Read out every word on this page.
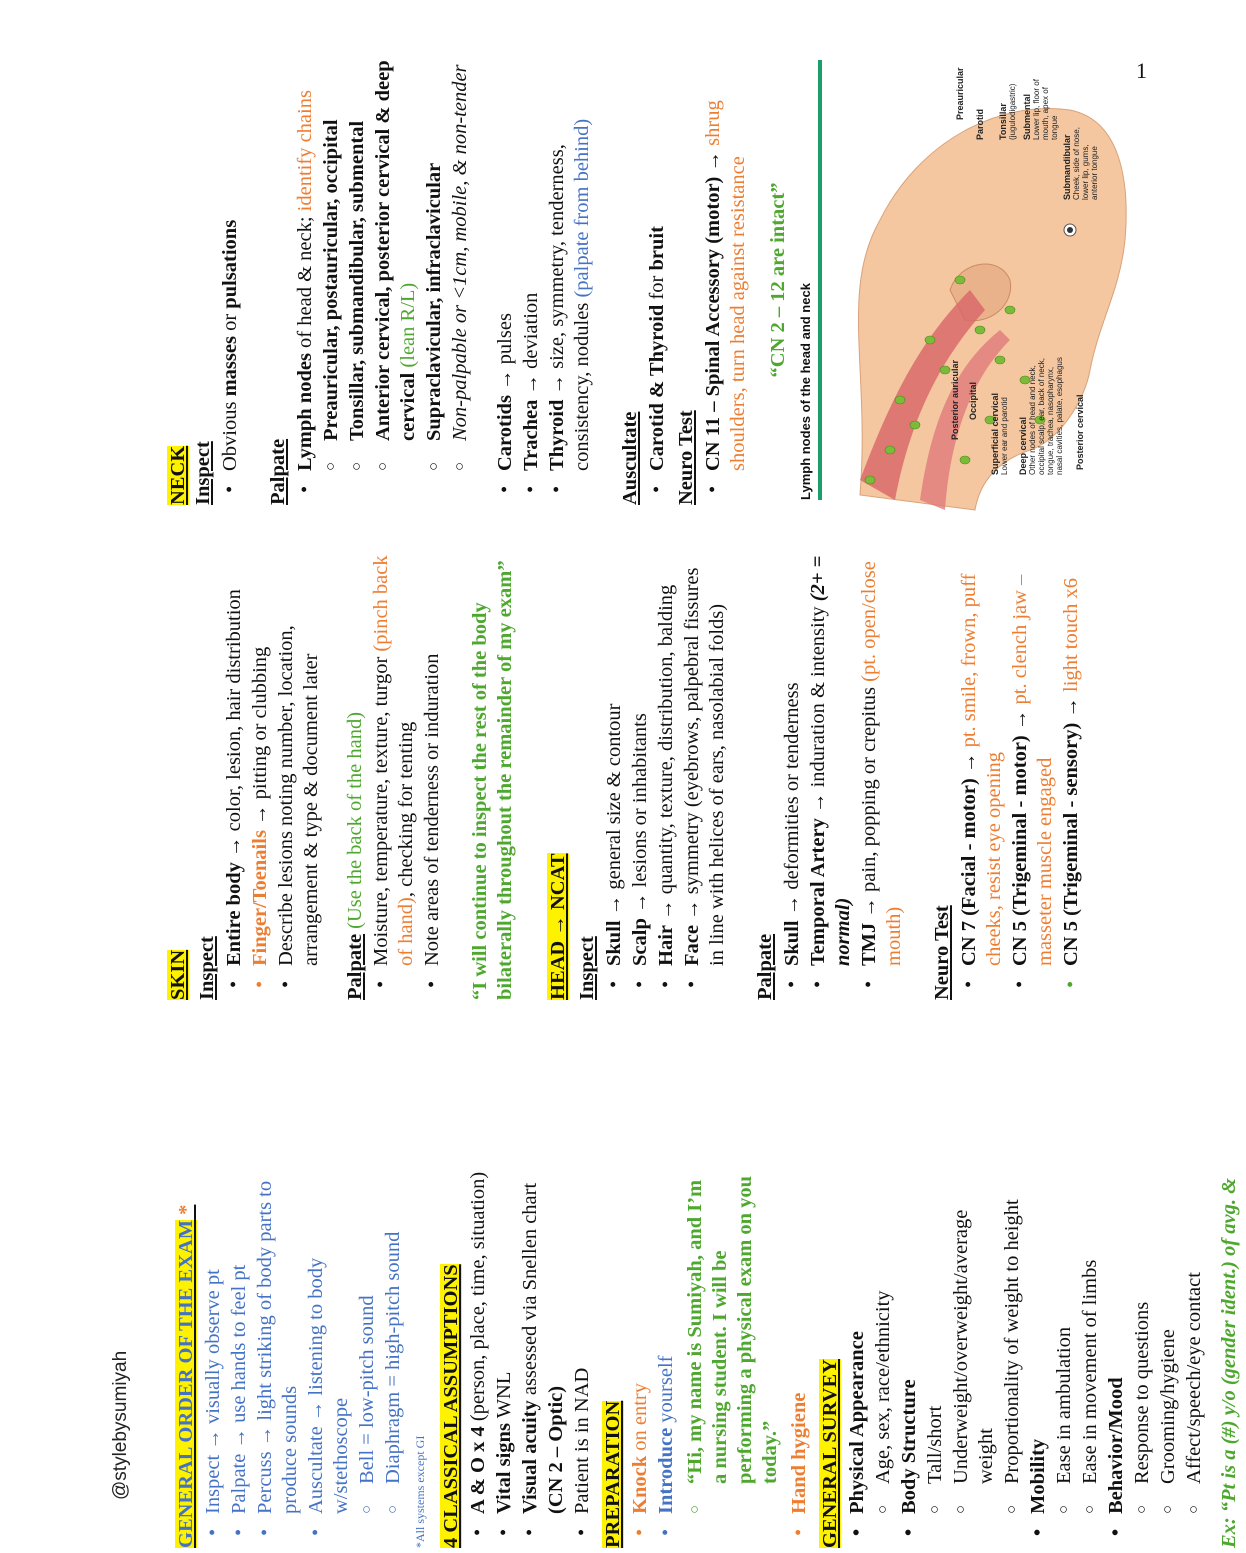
1
@stylebysumiyah GENERAL ORDER OF THE EXAM *
• Inspect → visually observe pt
• Palpate → use hands to feel pt
• Percuss → light striking of body parts to produce sounds • Auscultate → listening to body w/stethoscope ○ Bell = low-pitch sound ○ Diaphragm = high-pitch sound
*All systems except GI 4 CLASSICAL ASSUMPTIONS • A & O x 4 (person, place, time, situation)
• Vital signs WNL
• Visual acuity assessed via Snellen chart
(CN 2 – Optic) • Patient is in NAD PREPARATION • Knock on entry
• Introduce yourself ○ “Hi, my name is Sumiyah, and I’m a nursing student. I will be performing a physical exam on you today.” • Hand hygiene GENERAL SURVEY • Physical Appearance ○ Age, sex, race/ethnicity • Body Structure ○ Tall/short ○ Underweight/overweight/average weight ○ Proportionality of weight to height • Mobility ○ Ease in ambulation ○ Ease in movement of limbs • Behavior/Mood ○ Response to questions ○ Grooming/hygiene ○ Affect/speech/eye contact Ex: “Pt is a (#) y/o (gender ident.) of avg. &
SKIN Inspect
• Entire body → color, lesion, hair distribution
• Finger/Toenails → pitting or clubbing • Describe lesions noting number, location, arrangement & type & document later
Palpate (Use the back of the hand) • Moisture, temperature, texture, turgor (pinch back of hand), checking for tenting • Note areas of tenderness or induration “I will continue to inspect the rest of the body bilaterally throughout the remainder of my exam” HEAD → NCAT Inspect • Skull → general size & contour
• Scalp → lesions or inhabitants
• Hair → quantity, texture, distribution, balding
• Face → symmetry (eyebrows, palpebral fissures in line with helices of ears, nasolabial folds)
Palpate • Skull → deformities or tenderness • Temporal Artery → induration & intensity (2+ = normal) • TMJ → pain, popping or crepitus (pt. open/close mouth) Neuro Test • CN 7 (Facial - motor) → pt. smile, frown, puff cheeks, resist eye opening • CN 5 (Trigeminal - motor) → pt. clench jaw – masseter muscle engaged • CN 5 (Trigeminal - sensory) → light touch x6
NECK Inspect
• Obvious masses or pulsations
Palpate
• Lymph nodes of head & neck; identify chains ○ Preauricular, postauricular, occipital ○ Tonsillar, submandibular, submental ○ Anterior cervical, posterior cervical & deep cervical (lean R/L) ○ Supraclavicular, infraclavicular ○ Non-palpable or <1cm, mobile, & non-tender • Carotids → pulses
• Trachea → deviation
• Thyroid → size, symmetry, tenderness, consistency, nodules (palpate from behind)
Auscultate • Carotid & Thyroid for bruit
Neuro Test • CN 11 – Spinal Accessory (motor) → shrug shoulders, turn head against resistance “CN 2 – 12 are intact”
Lymph nodes of the head and neck	Posterior auricular Occipital Superficial cervical Lower ear and parotid Deep cervical Other nodes of head and neck, occipital scalp, ear, back of neck, tongue, trachea, nasopharynx, nasal cavities, palate, esophagus Posterior cervical
Preauricular
Parotid Tonsillar (jugulodigastric) Submental Lower lip, floor of mouth, apex of tongue
Submandibular Cheek, side of nose, lower lip, gums, anterior tongue
